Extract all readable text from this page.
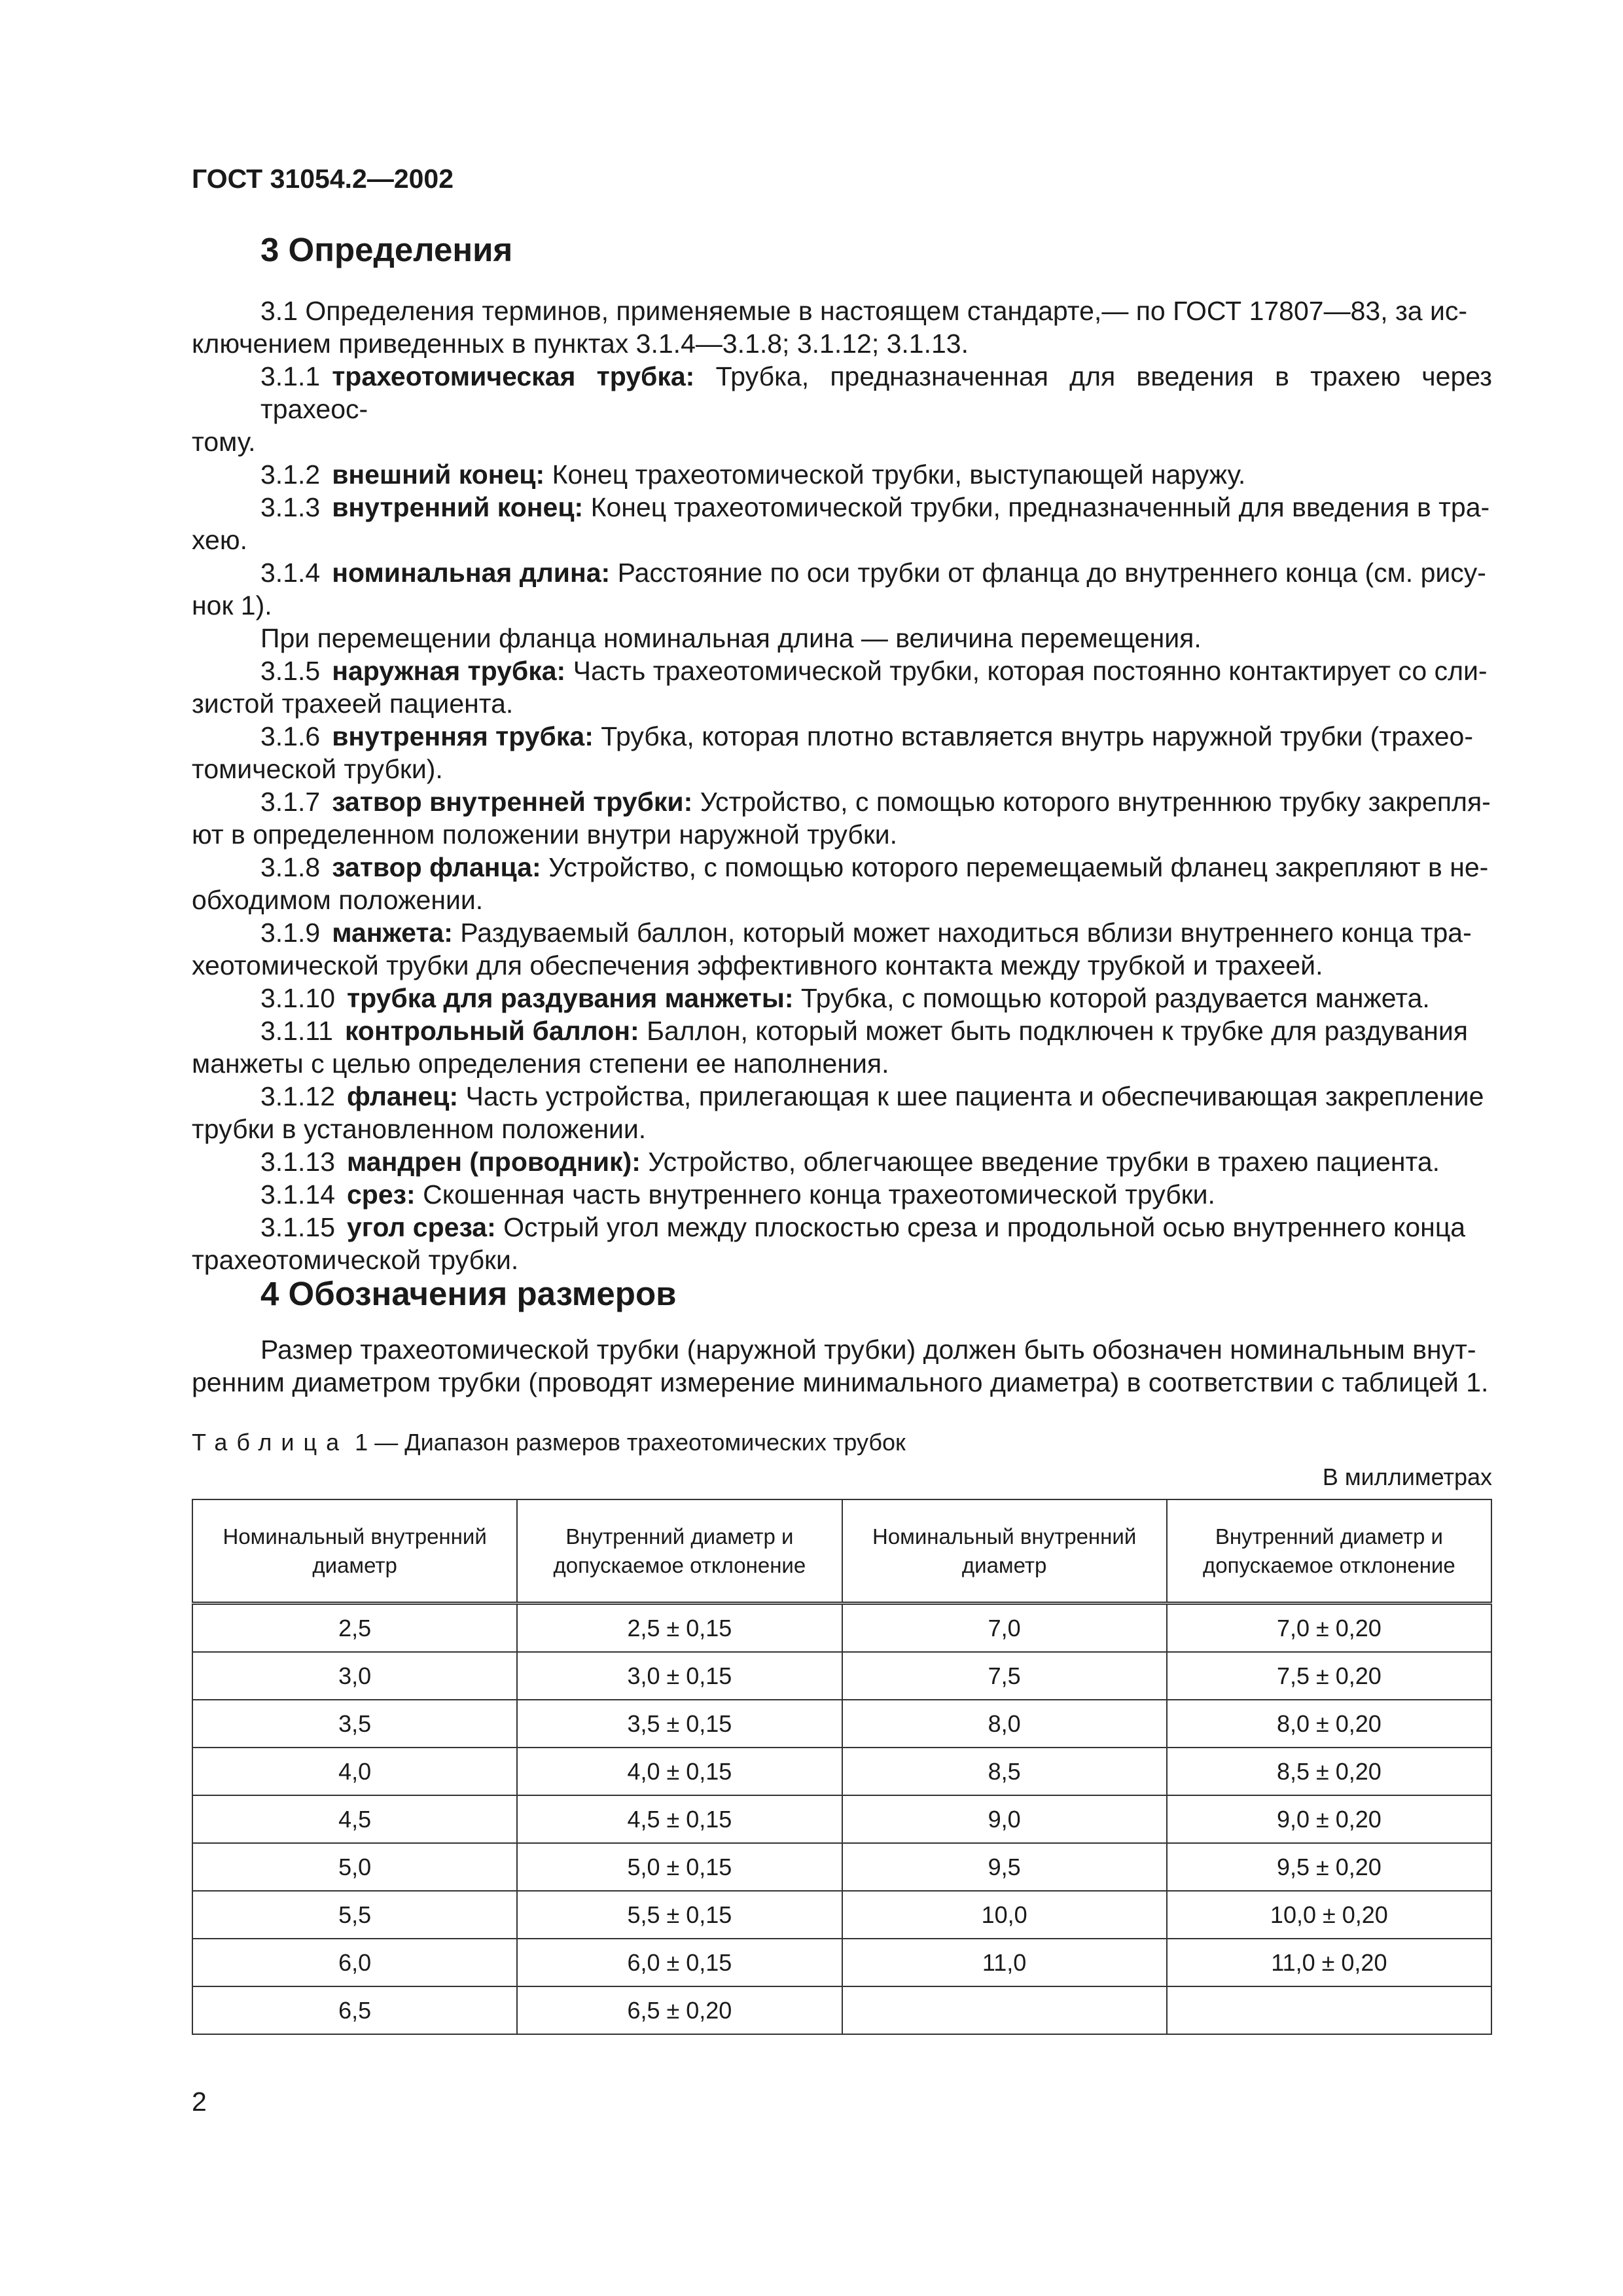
ГОСТ 31054.2—2002

3 Определения
3.1 Определения терминов, применяемые в настоящем стандарте,— по ГОСТ 17807—83, за ис-
ключением приведенных в пунктах 3.1.4—3.1.8; 3.1.12; 3.1.13.
3.1.1 трахеотомическая трубка: Трубка, предназначенная для введения в трахею через трахеос-
тому.
3.1.2 внешний конец: Конец трахеотомической трубки, выступающей наружу.
3.1.3 внутренний конец: Конец трахеотомической трубки, предназначенный для введения в тра-
хею.
3.1.4 номинальная длина: Расстояние по оси трубки от фланца до внутреннего конца (см. рису-
нок 1).
При перемещении фланца номинальная длина — величина перемещения.
3.1.5 наружная трубка: Часть трахеотомической трубки, которая постоянно контактирует со сли-
зистой трахеей пациента.
3.1.6 внутренняя трубка: Трубка, которая плотно вставляется внутрь наружной трубки (трахео-
томической трубки).
3.1.7 затвор внутренней трубки: Устройство, с помощью которого внутреннюю трубку закрепля-
ют в определенном положении внутри наружной трубки.
3.1.8 затвор фланца: Устройство, с помощью которого перемещаемый фланец закрепляют в не-
обходимом положении.
3.1.9 манжета: Раздуваемый баллон, который может находиться вблизи внутреннего конца тра-
хеотомической трубки для обеспечения эффективного контакта между трубкой и трахеей.
3.1.10 трубка для раздувания манжеты: Трубка, с помощью которой раздувается манжета.
3.1.11 контрольный баллон: Баллон, который может быть подключен к трубке для раздувания
манжеты с целью определения степени ее наполнения.
3.1.12 фланец: Часть устройства, прилегающая к шее пациента и обеспечивающая закрепление
трубки в установленном положении.
3.1.13 мандрен (проводник): Устройство, облегчающее введение трубки в трахею пациента.
3.1.14 срез: Скошенная часть внутреннего конца трахеотомической трубки.
3.1.15 угол среза: Острый угол между плоскостью среза и продольной осью внутреннего конца
трахеотомической трубки.
4 Обозначения размеров
Размер трахеотомической трубки (наружной трубки) должен быть обозначен номинальным внут-
ренним диаметром трубки (проводят измерение минимального диаметра) в соответствии с таблицей 1.

Таблица 1 — Диапазон размеров трахеотомических трубок

В миллиметрах

Номинальный внутренний диаметр	Внутренний диаметр и допускаемое отклонение	Номинальный внутренний диаметр	Внутренний диаметр и допускаемое отклонение
2,5	2,5 ± 0,15	7,0	7,0 ± 0,20
3,0	3,0 ± 0,15	7,5	7,5 ± 0,20
3,5	3,5 ± 0,15	8,0	8,0 ± 0,20
4,0	4,0 ± 0,15	8,5	8,5 ± 0,20
4,5	4,5 ± 0,15	9,0	9,0 ± 0,20
5,0	5,0 ± 0,15	9,5	9,5 ± 0,20
5,5	5,5 ± 0,15	10,0	10,0 ± 0,20
6,0	6,0 ± 0,15	11,0	11,0 ± 0,20
6,5	6,5 ± 0,20		

2
